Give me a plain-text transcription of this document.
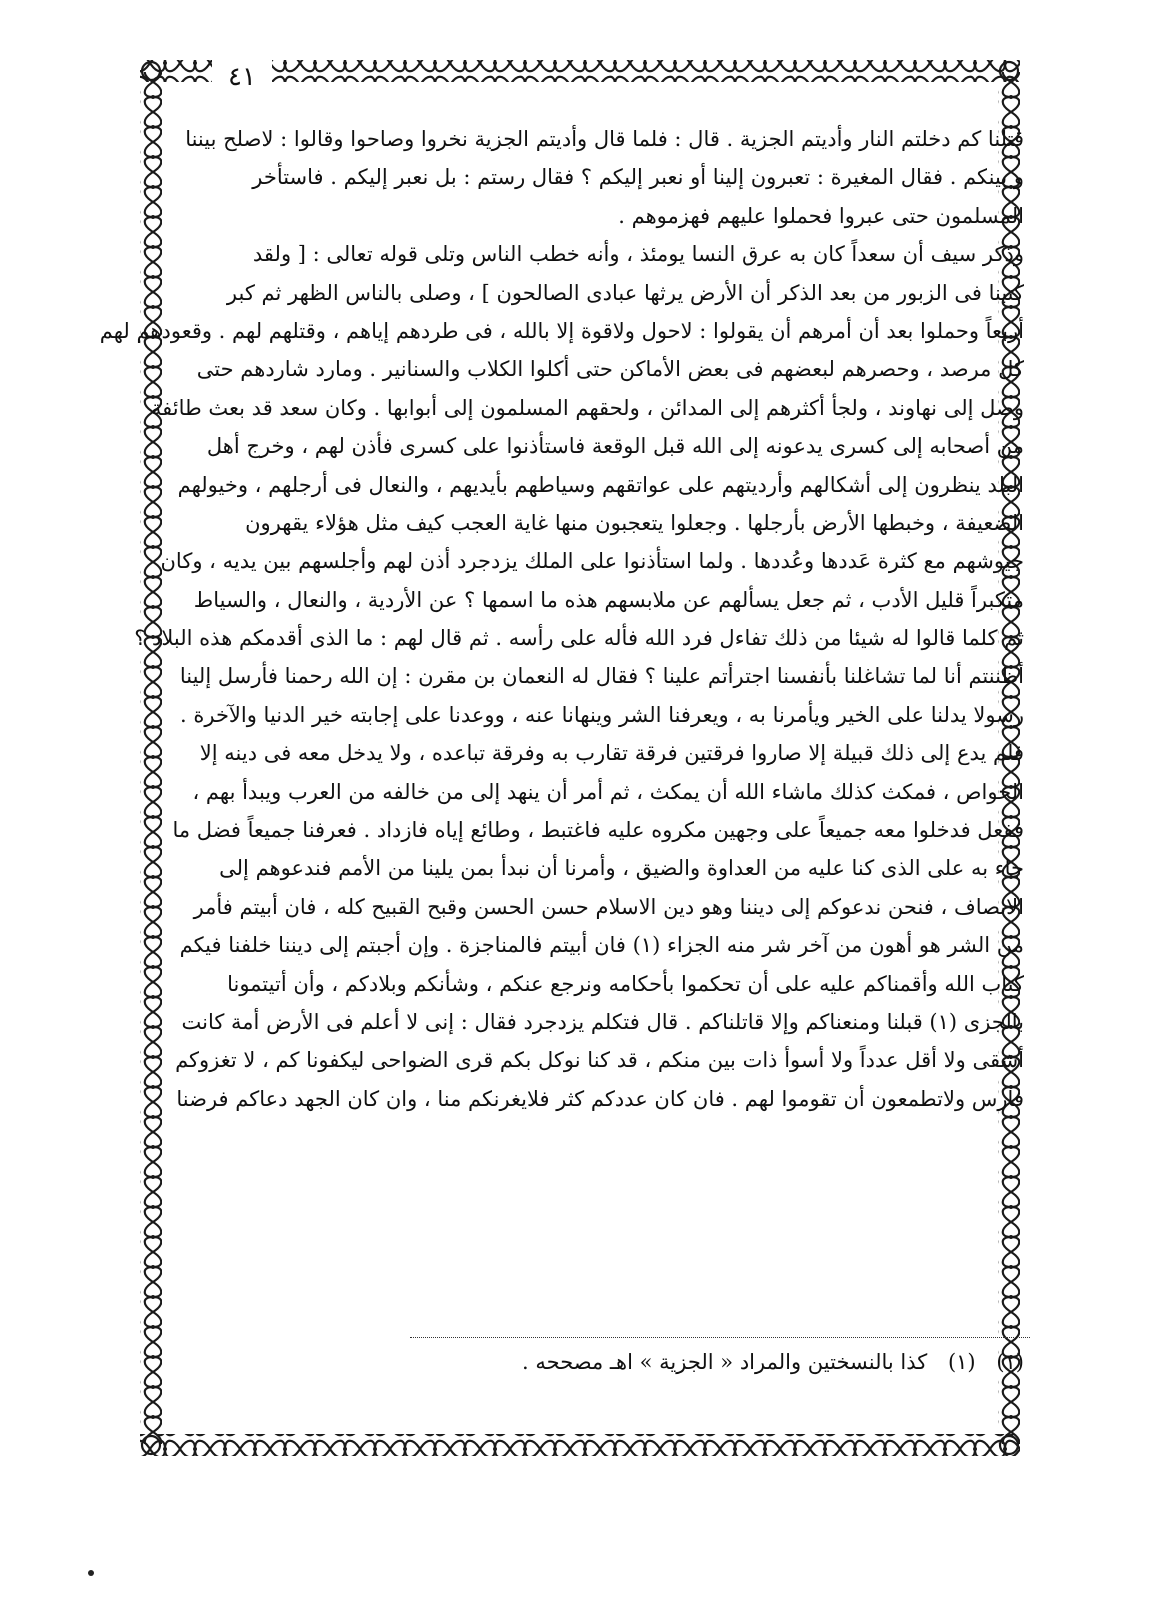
٤١
قتلنا كم دخلتم النار وأديتم الجزية . قال : فلما قال وأديتم الجزية نخروا وصاحوا وقالوا : لاصلح بيننا
و بينكم . فقال المغيرة : تعبرون إلينا أو نعبر إليكم ؟ فقال رستم : بل نعبر إليكم . فاستأخر
المسلمون حتى عبروا فحملوا عليهم فهزموهم .
وذكر سيف أن سعداً كان به عرق النسا يومئذ ، وأنه خطب الناس وتلى قوله تعالى : [ ولقد
كتبنا فى الزبور من بعد الذكر أن الأرض يرثها عبادى الصالحون ] ، وصلى بالناس الظهر ثم كبر
أربعاً وحملوا بعد أن أمرهم أن يقولوا : لاحول ولاقوة إلا بالله ، فى طردهم إياهم ، وقتلهم لهم . وقعودهم لهم
كل مرصد ، وحصرهم لبعضهم فى بعض الأماكن حتى أكلوا الكلاب والسنانير . ومارد شاردهم حتى
وصل إلى نهاوند ، ولجأ أكثرهم إلى المدائن ، ولحقهم المسلمون إلى أبوابها . وكان سعد قد بعث طائفة
من أصحابه إلى كسرى يدعونه إلى الله قبل الوقعة فاستأذنوا على كسرى فأذن لهم ، وخرج أهل
البلد ينظرون إلى أشكالهم وأرديتهم على عواتقهم وسياطهم بأيديهم ، والنعال فى أرجلهم ، وخيولهم
الضعيفة ، وخبطها الأرض بأرجلها . وجعلوا يتعجبون منها غاية العجب كيف مثل هؤلاء يقهرون
جيوشهم مع كثرة عَددها وعُددها . ولما استأذنوا على الملك يزدجرد أذن لهم وأجلسهم بين يديه ، وكان
متكبراً قليل الأدب ، ثم جعل يسألهم عن ملابسهم هذه ما اسمها ؟ عن الأردية ، والنعال ، والسياط
ثم كلما قالوا له شيئا من ذلك تفاءل فرد الله فأله على رأسه . ثم قال لهم : ما الذى أقدمكم هذه البلاد ؟
أظننتم أنا لما تشاغلنا بأنفسنا اجترأتم علينا ؟ فقال له النعمان بن مقرن : إن الله رحمنا فأرسل إلينا
رسولا يدلنا على الخير ويأمرنا به ، ويعرفنا الشر وينهانا عنه ، ووعدنا على إجابته خير الدنيا والآخرة .
فلم يدع إلى ذلك قبيلة إلا صاروا فرقتين فرقة تقارب به وفرقة تباعده ، ولا يدخل معه فى دينه إلا
الخواص ، فمكث كذلك ماشاء الله أن يمكث ، ثم أمر أن ينهد إلى من خالفه من العرب ويبدأ بهم ،
ففعل فدخلوا معه جميعاً على وجهين مكروه عليه فاغتبط ، وطائع إياه فازداد . فعرفنا جميعاً فضل ما
جاء به على الذى كنا عليه من العداوة والضيق ، وأمرنا أن نبدأ بمن يلينا من الأمم فندعوهم إلى
الانصاف ، فنحن ندعوكم إلى ديننا وهو دين الاسلام حسن الحسن وقبح القبيح كله ، فان أبيتم فأمر
من الشر هو أهون من آخر شر منه الجزاء (١) فان أبيتم فالمناجزة . وإن أجبتم إلى ديننا خلفنا فيكم
كتاب الله وأقمناكم عليه على أن تحكموا بأحكامه ونرجع عنكم ، وشأنكم وبلادكم ، وأن أتيتمونا
بالجزى (١) قبلنا ومنعناكم وإلا قاتلناكم . قال فتكلم يزدجرد فقال : إنى لا أعلم فى الأرض أمة كانت
أشقى ولا أقل عدداً ولا أسوأ ذات بين منكم ، قد كنا نوكل بكم قرى الضواحى ليكفونا كم ، لا تغزوكم
فارس ولاتطمعون أن تقوموا لهم . فان كان عددكم كثر فلايغرنكم منا ، وان كان الجهد دعاكم فرضنا
(١) (١) كذا بالنسختين والمراد « الجزية » اهـ مصححه .
